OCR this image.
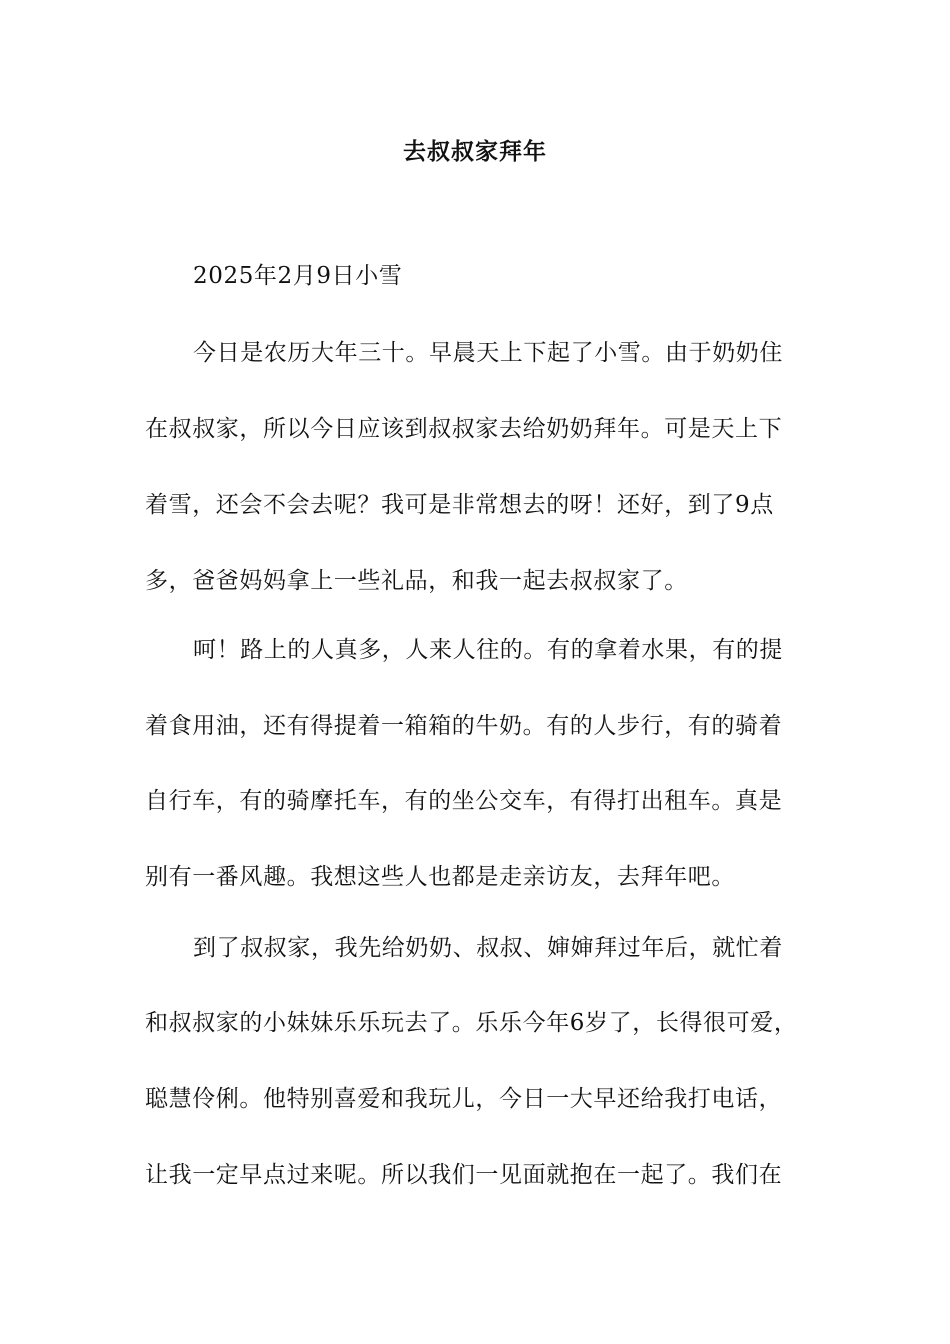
去叔叔家拜年
2025年2月9日小雪
今日是农历大年三十。早晨天上下起了小雪。由于奶奶住
在叔叔家，所以今日应该到叔叔家去给奶奶拜年。可是天上下
着雪，还会不会去呢？我可是非常想去的呀！还好，到了9点
多，爸爸妈妈拿上一些礼品，和我一起去叔叔家了。
呵！路上的人真多，人来人往的。有的拿着水果，有的提
着食用油，还有得提着一箱箱的牛奶。有的人步行，有的骑着
自行车，有的骑摩托车，有的坐公交车，有得打出租车。真是
别有一番风趣。我想这些人也都是走亲访友，去拜年吧。
到了叔叔家，我先给奶奶、叔叔、婶婶拜过年后，就忙着
和叔叔家的小妹妹乐乐玩去了。乐乐今年6岁了，长得很可爱，
聪慧伶俐。他特别喜爱和我玩儿，今日一大早还给我打电话，
让我一定早点过来呢。所以我们一见面就抱在一起了。我们在
